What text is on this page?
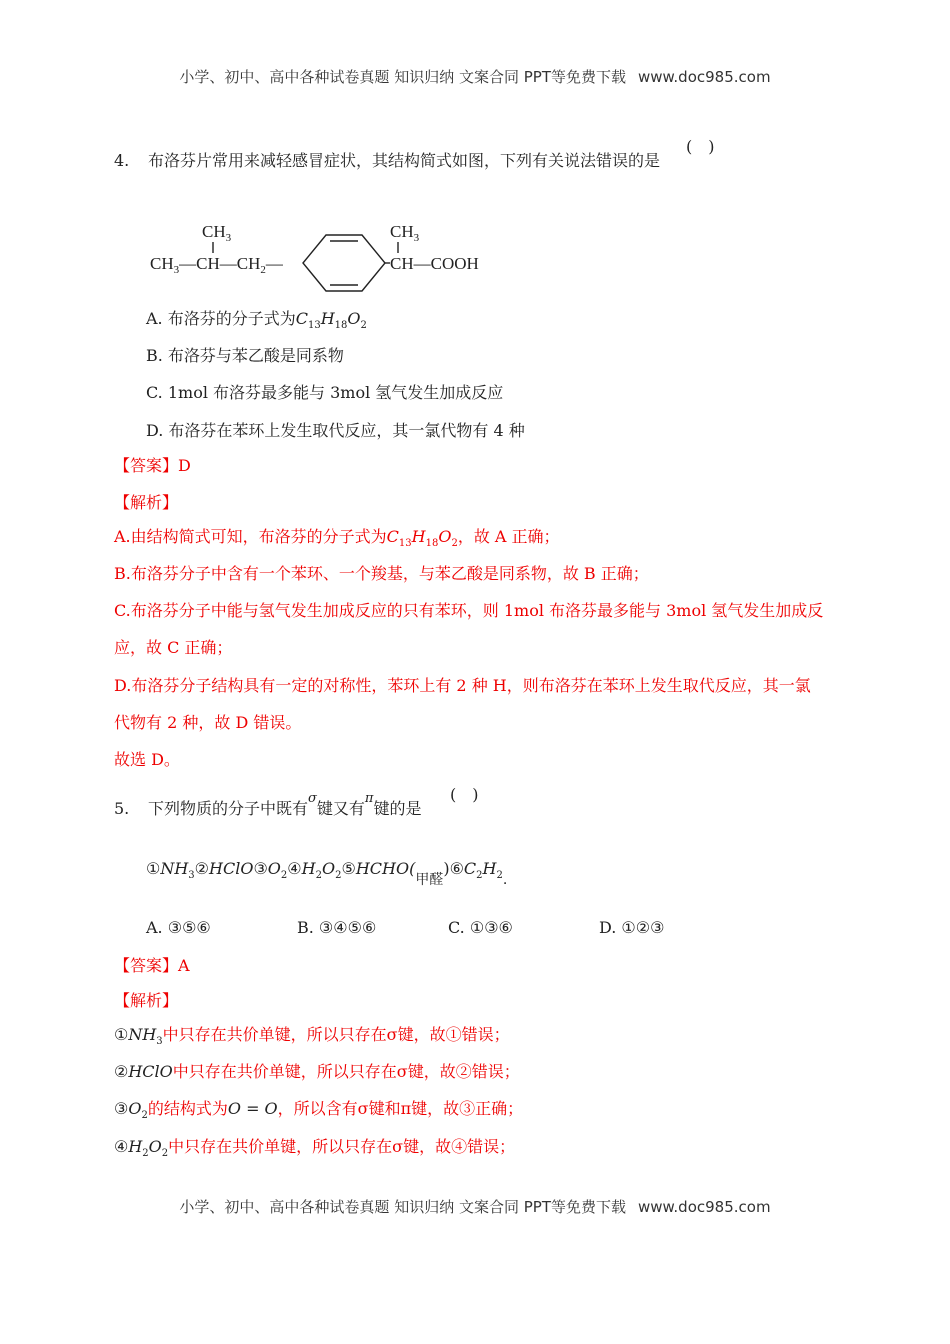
小学、初中、高中各种试卷真题 知识归纳 文案合同 PPT等免费下载 www.doc985.com
4. 布洛芬片常用来减轻感冒症状，其结构简式如图，下列有关说法错误的是
(　)
$CH_3$
$CH_3—CH—CH_2—$
$CH_3$
CH—COOH
A. 布洛芬的分子式为$C_{13}H_{18}O_2$
B. 布洛芬与苯乙酸是同系物
C. 1mol 布洛芬最多能与 3mol 氢气发生加成反应
D. 布洛芬在苯环上发生取代反应，其一氯代物有 4 种
【答案】D
【解析】
A.由结构简式可知，布洛芬的分子式为$C_{13}H_{18}O_2$，故 A 正确；
B.布洛芬分子中含有一个苯环、一个羧基，与苯乙酸是同系物，故 B 正确；
C.布洛芬分子中能与氢气发生加成反应的只有苯环，则 1mol 布洛芬最多能与 3mol 氢气发生加成反
应，故 C 正确；
D.布洛芬分子结构具有一定的对称性，苯环上有 2 种 H，则布洛芬在苯环上发生取代反应，其一氯
代物有 2 种，故 D 错误。
故选 D。
5. 下列物质的分子中既有$^\sigma$键又有$^\pi$键的是
(　)
$①NH_3②HClO③O_2④H_2O_2⑤HCHO$(甲醛)$⑥C_2H_2$.
A. ③⑤⑥	B. ③④⑤⑥	C. ①③⑥	D. ①②③
【答案】A
【解析】
$①NH_3$中只存在共价单键，所以只存在σ键，故①错误；
②HClO中只存在共价单键，所以只存在σ键，故②错误；
$③O_2$的结构式为O = O，所以含有σ键和π键，故③正确；
$④H_2O_2$中只存在共价单键，所以只存在σ键，故④错误；
小学、初中、高中各种试卷真题 知识归纳 文案合同 PPT等免费下载 www.doc985.com
